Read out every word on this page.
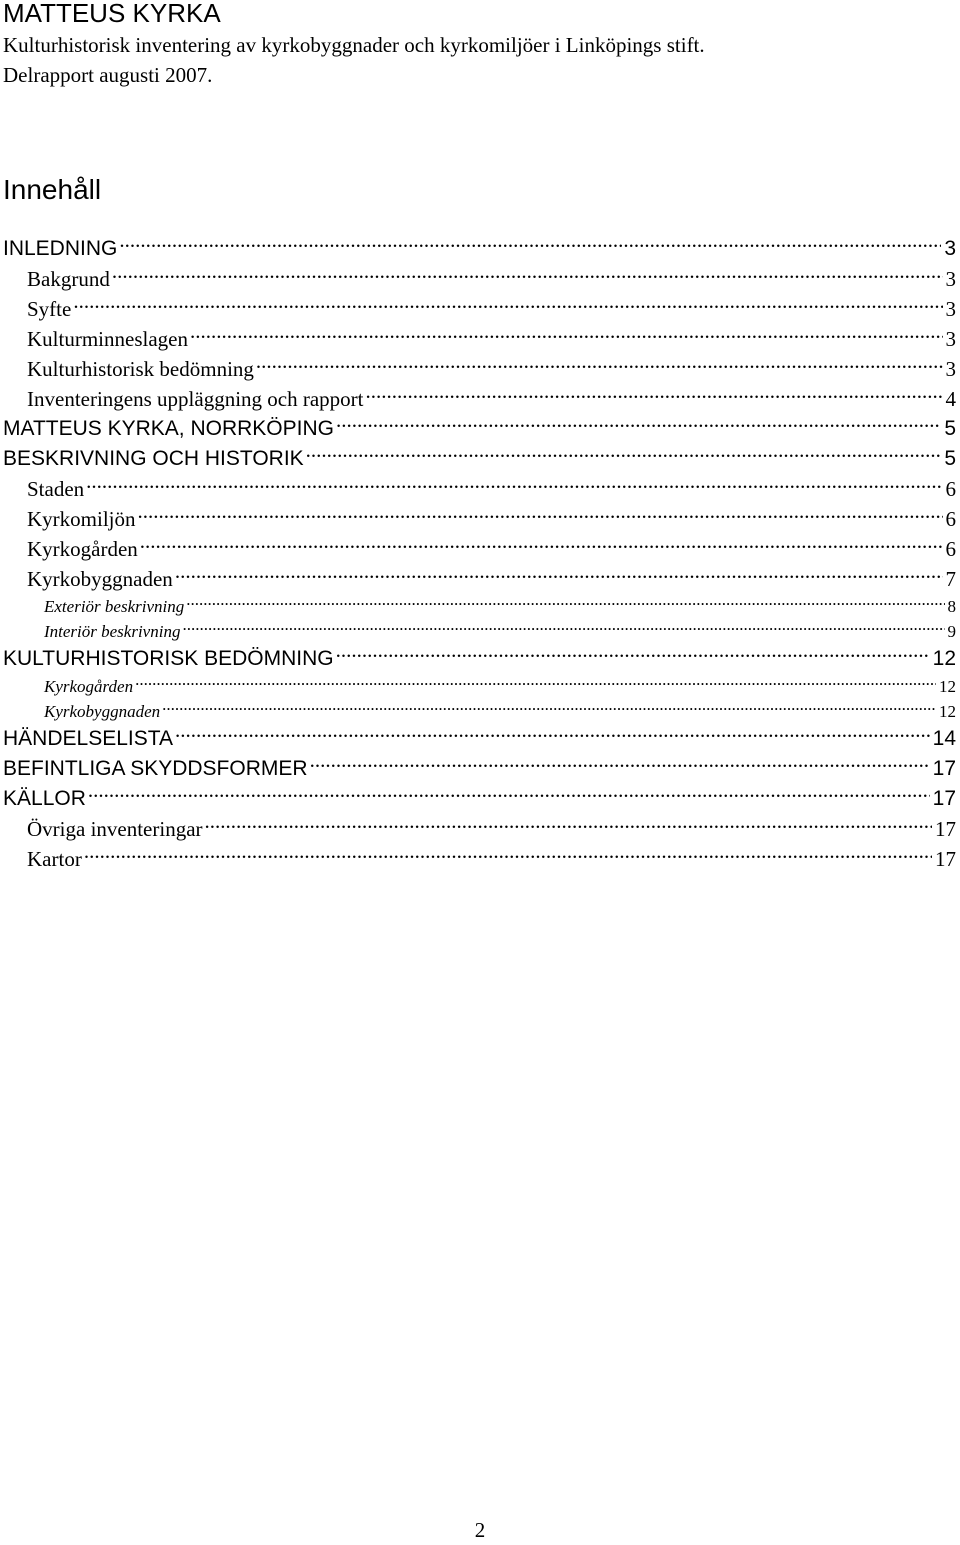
MATTEUS KYRKA
Kulturhistorisk inventering av kyrkobyggnader och kyrkomiljöer i Linköpings stift.
Delrapport augusti 2007.
Innehåll
INLEDNING .....	3
Bakgrund .....	3
Syfte .....	3
Kulturminneslagen .....	3
Kulturhistorisk bedömning .....	3
Inventeringens uppläggning och rapport .....	4
MATTEUS KYRKA, NORRKÖPING .....	5
BESKRIVNING OCH HISTORIK .....	5
Staden .....	6
Kyrkomiljön .....	6
Kyrkogården .....	6
Kyrkobyggnaden .....	7
Exteriör beskrivning .....	8
Interiör beskrivning .....	9
KULTURHISTORISK BEDÖMNING .....	12
Kyrkogården .....	12
Kyrkobyggnaden .....	12
HÄNDELSELISTA .....	14
BEFINTLIGA SKYDDSFORMER .....	17
KÄLLOR .....	17
Övriga inventeringar .....	17
Kartor .....	17
2
